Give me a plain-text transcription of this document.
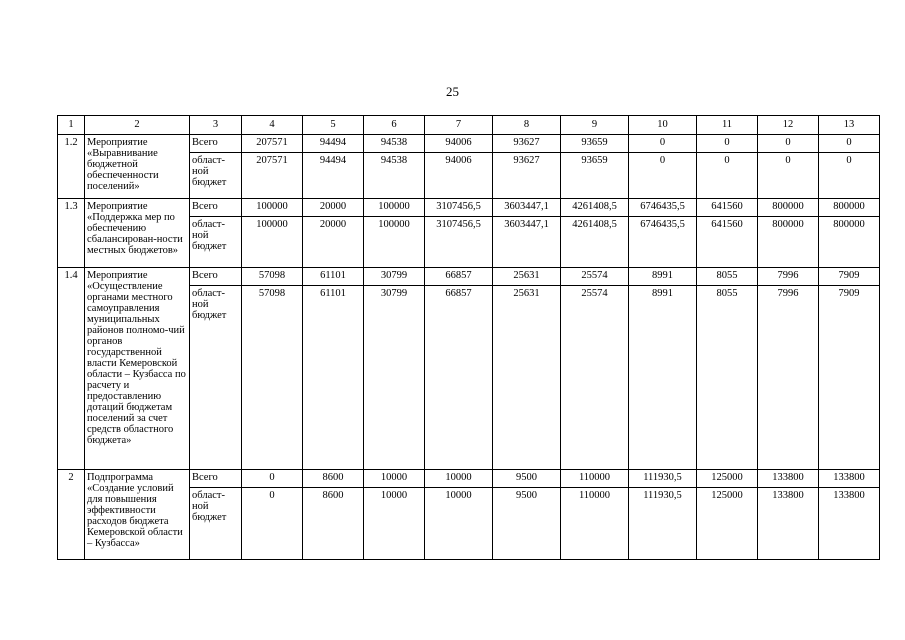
25
1	2	3	4	5	6	7	8	9	10	11	12	13
1.2	Мероприятие «Выравнивание бюджетной обеспеченности поселений»	Всего	207571	94494	94538	94006	93627	93659	0	0	0	0
		област-ной бюджет	207571	94494	94538	94006	93627	93659	0	0	0	0
1.3	Мероприятие «Поддержка мер по обеспечению сбалансирован-ности местных бюджетов»	Всего	100000	20000	100000	3107456,5	3603447,1	4261408,5	6746435,5	641560	800000	800000
		област-ной бюджет	100000	20000	100000	3107456,5	3603447,1	4261408,5	6746435,5	641560	800000	800000
1.4	Мероприятие «Осуществление органами местного самоуправления муниципальных районов полномо-чий органов государственной власти Кемеровской области – Кузбасса по расчету и предоставлению дотаций бюджетам поселений за счет средств областного бюджета»	Всего	57098	61101	30799	66857	25631	25574	8991	8055	7996	7909
		област-ной бюджет	57098	61101	30799	66857	25631	25574	8991	8055	7996	7909
2	Подпрограмма «Создание условий для повышения эффективности расходов бюджета Кемеровской области – Кузбасса»	Всего	0	8600	10000	10000	9500	110000	111930,5	125000	133800	133800
		област-ной бюджет	0	8600	10000	10000	9500	110000	111930,5	125000	133800	133800
